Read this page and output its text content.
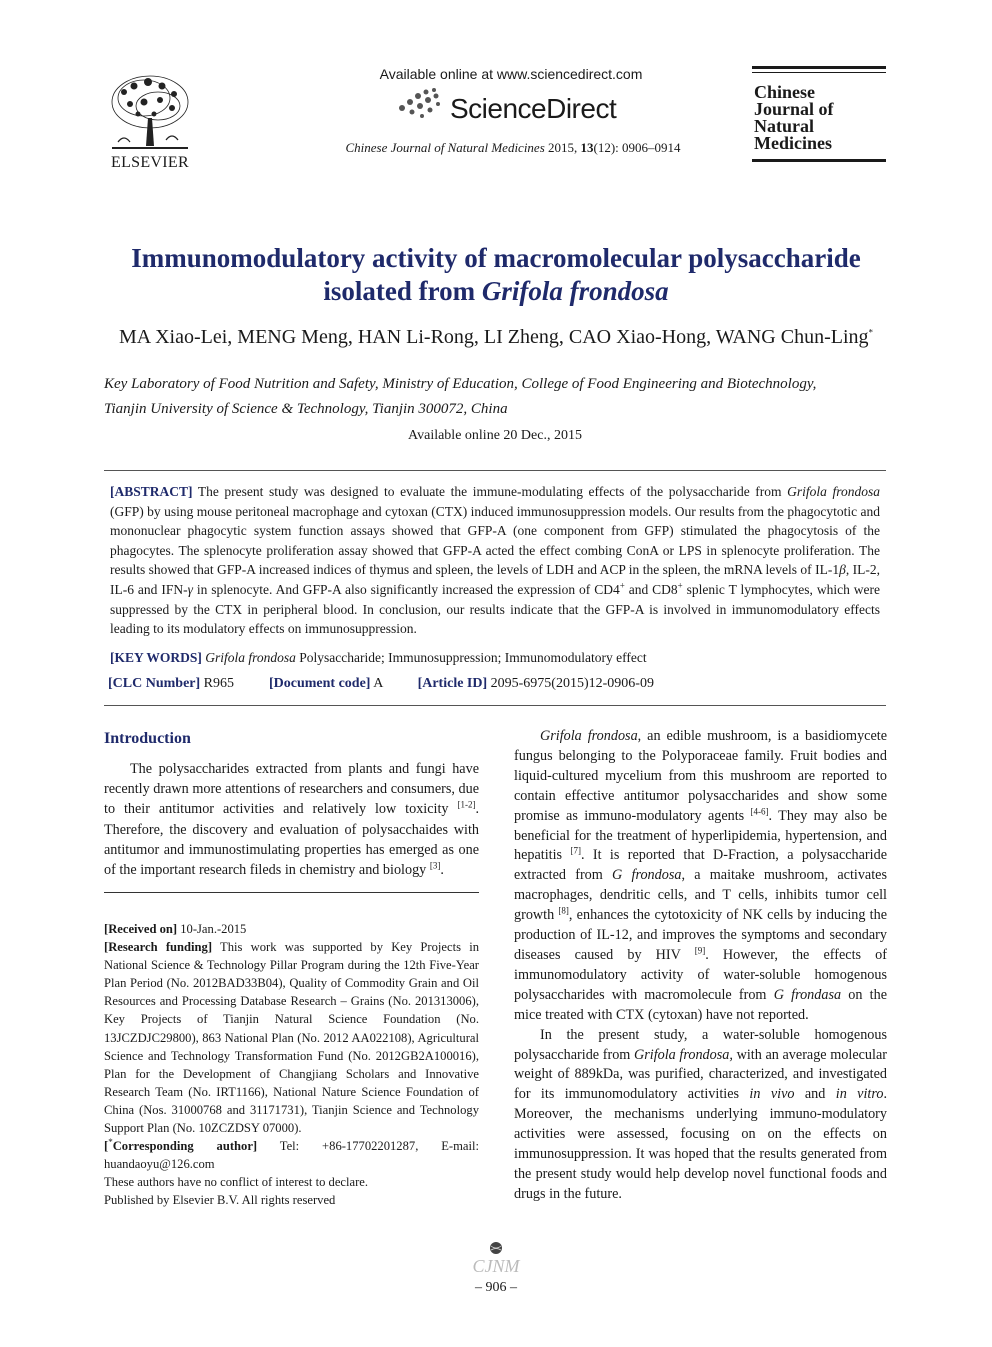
ELSEVIER
Available online at www.sciencedirect.com
ScienceDirect
Chinese Journal of Natural Medicines 2015, 13(12): 0906–0914
Chinese
Journal of
Natural
Medicines
Immunomodulatory activity of macromolecular polysaccharide
isolated from Grifola frondosa
MA Xiao-Lei, MENG Meng, HAN Li-Rong, LI Zheng, CAO Xiao-Hong, WANG Chun-Ling*
Key Laboratory of Food Nutrition and Safety, Ministry of Education, College of Food Engineering and Biotechnology,
Tianjin University of Science & Technology, Tianjin 300072, China
Available online 20 Dec., 2015
[ABSTRACT] The present study was designed to evaluate the immune-modulating effects of the polysaccharide from Grifola frondosa (GFP) by using mouse peritoneal macrophage and cytoxan (CTX) induced immunosuppression models. Our results from the phagocytotic and mononuclear phagocytic system function assays showed that GFP-A (one component from GFP) stimulated the phagocytosis of the phagocytes. The splenocyte proliferation assay showed that GFP-A acted the effect combing ConA or LPS in splenocyte proliferation. The results showed that GFP-A increased indices of thymus and spleen, the levels of LDH and ACP in the spleen, the mRNA levels of IL-1β, IL-2, IL-6 and IFN-γ in splenocyte. And GFP-A also significantly increased the expression of CD4+ and CD8+ splenic T lymphocytes, which were suppressed by the CTX in peripheral blood. In conclusion, our results indicate that the GFP-A is involved in immunomodulatory effects leading to its modulatory effects on immunosuppression.
[KEY WORDS] Grifola frondosa Polysaccharide; Immunosuppression; Immunomodulatory effect
[CLC Number] R965	[Document code] A	[Article ID] 2095-6975(2015)12-0906-09
Introduction

The polysaccharides extracted from plants and fungi have recently drawn more attentions of researchers and consumers, due to their antitumor activities and relatively low toxicity [1-2]. Therefore, the discovery and evaluation of polysacchaides with antitumor and immunostimulating properties has emerged as one of the important research fileds in chemistry and biology [3].

[Received on] 10-Jan.-2015
[Research funding] This work was supported by Key Projects in National Science & Technology Pillar Program during the 12th Five-Year Plan Period (No. 2012BAD33B04), Quality of Commodity Grain and Oil Resources and Processing Database Research – Grains (No. 201313006), Key Projects of Tianjin Natural Science Foundation (No. 13JCZDJC29800), 863 National Plan (No. 2012 AA022108), Agricultural Science and Technology Transformation Fund (No. 2012GB2A100016), Plan for the Development of Changjiang Scholars and Innovative Research Team (No. IRT1166), National Nature Science Foundation of China (Nos. 31000768 and 31171731), Tianjin Science and Technology Support Plan (No. 10ZCZDSY 07000).
[*Corresponding author] Tel: +86-17702201287, E-mail: huandaoyu@126.com
These authors have no conflict of interest to declare.
Published by Elsevier B.V. All rights reserved

Grifola frondosa, an edible mushroom, is a basidiomycete fungus belonging to the Polyporaceae family. Fruit bodies and liquid-cultured mycelium from this mushroom are reported to contain effective antitumor polysaccharides and show some promise as immuno-modulatory agents [4-6]. They may also be beneficial for the treatment of hyperlipidemia, hypertension, and hepatitis [7]. It is reported that D-Fraction, a polysaccharide extracted from G frondosa, a maitake mushroom, activates macrophages, dendritic cells, and T cells, inhibits tumor cell growth [8], enhances the cytotoxicity of NK cells by inducing the production of IL-12, and improves the symptoms and secondary diseases caused by HIV [9]. However, the effects of immunomodulatory activity of water-soluble homogenous polysaccharides with macromolecule from G frondasa on the mice treated with CTX (cytoxan) have not reported.

In the present study, a water-soluble homogenous polysaccharide from Grifola frondosa, with an average molecular weight of 889kDa, was purified, characterized, and investigated for its immunomodulatory activities in vivo and in vitro. Moreover, the mechanisms underlying immuno-modulatory activities were assessed, focusing on on the effects on immunosuppression. It was hoped that the results generated from the present study would help develop novel functional foods and drugs in the future.

CJNM
– 906 –
